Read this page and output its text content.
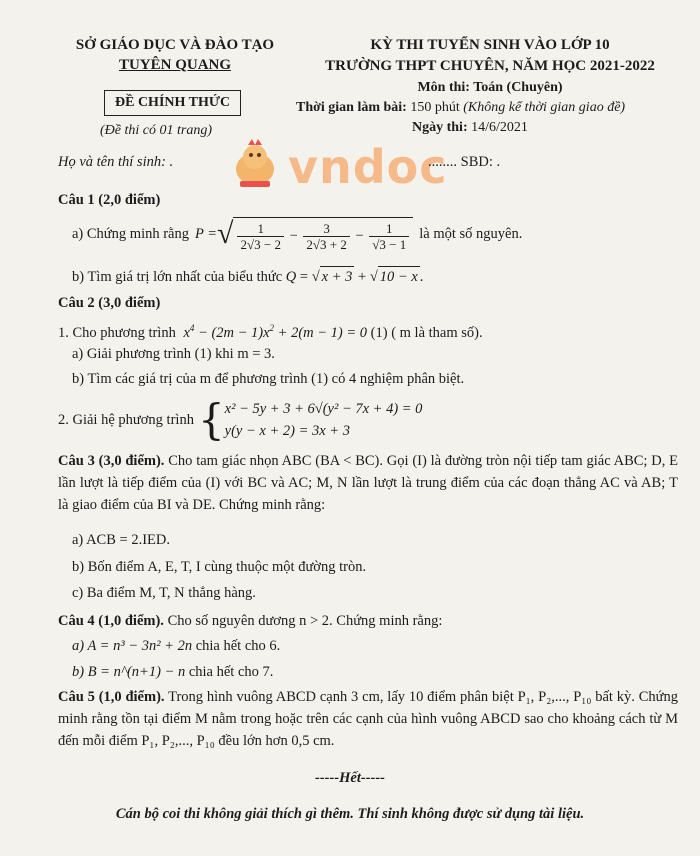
SỞ GIÁO DỤC VÀ ĐÀO TẠO
TUYÊN QUANG
ĐỀ CHÍNH THỨC
(Đề thi có 01 trang)
KỲ THI TUYỂN SINH VÀO LỚP 10
TRƯỜNG THPT CHUYÊN, NĂM HỌC 2021-2022
Môn thi: Toán (Chuyên)
Thời gian làm bài: 150 phút (Không kể thời gian giao đề)
Ngày thi: 14/6/2021
Họ và tên thí sinh: . vndoc
........ SBD: .
Câu 1 (2,0 điểm)
a) Chứng minh rằng P = √ $\frac{1}{2√3 - 2} - \frac{3}{2√3 + 2} - \frac{1}{√3 - 1}$ là một số nguyên.
b) Tìm giá trị lớn nhất của biểu thức Q = √ x + 3 + √ 10 − x .
Câu 2 (3,0 điểm)
1. Cho phương trình $x^4 - (2m - 1)x^2 + 2(m - 1) = 0$ (1) ( m là tham số).
a) Giải phương trình (1) khi m = 3.
b) Tìm các giá trị của m để phương trình (1) có 4 nghiệm phân biệt.
2. Giải hệ phương trình { x² − 5y + 3 + 6√(y² − 7x + 4) = 0
y(y − x + 2) = 3x + 3
Câu 3 (3,0 điểm). Cho tam giác nhọn ABC (BA < BC). Gọi (I) là đường tròn nội tiếp tam giác ABC; D, E lần lượt là tiếp điểm của (I) với BC và AC; M, N lần lượt là trung điểm của các đoạn thẳng AC và AB; T là giao điểm của BI và DE. Chứng minh rằng:
a) ACB = 2.IED.
b) Bốn điểm A, E, T, I cùng thuộc một đường tròn.
c) Ba điểm M, T, N thẳng hàng.
Câu 4 (1,0 điểm). Cho số nguyên dương n > 2. Chứng minh rằng:
a) A = n³ − 3n² + 2n chia hết cho 6.
b) B = n^(n+1) − n chia hết cho 7.
Câu 5 (1,0 điểm). Trong hình vuông ABCD cạnh 3 cm, lấy 10 điểm phân biệt P₁, P₂,..., P₁₀ bất kỳ. Chứng minh rằng tồn tại điểm M nằm trong hoặc trên các cạnh của hình vuông ABCD sao cho khoảng cách từ M đến mỗi điểm P₁, P₂,..., P₁₀ đều lớn hơn 0,5 cm.
-----Hết-----
Cán bộ coi thi không giải thích gì thêm. Thí sinh không được sử dụng tài liệu.
